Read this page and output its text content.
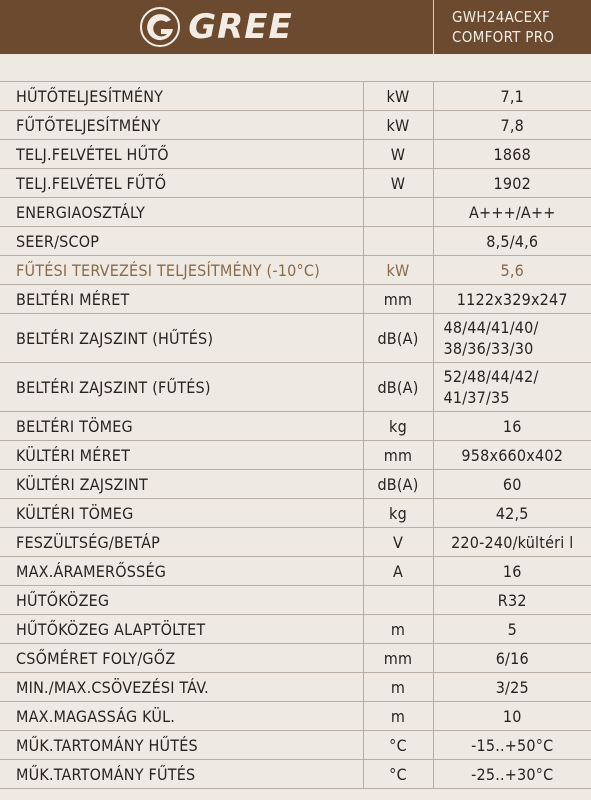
GREE	GWH24ACEXF
COMFORT PRO
HŰTŐTELJESÍTMÉNY	kW	7,1
FŰTŐTELJESÍTMÉNY	kW	7,8
TELJ.FELVÉTEL HŰTŐ	W	1868
TELJ.FELVÉTEL FŰTŐ	W	1902
ENERGIAOSZTÁLY		A+++/A++
SEER/SCOP		8,5/4,6
FŰTÉSI TERVEZÉSI TELJESÍTMÉNY (-10°C)	kW	5,6
BELTÉRI MÉRET	mm	1122x329x247
BELTÉRI ZAJSZINT (HŰTÉS)	dB(A)	48/44/41/40/ 38/36/33/30
BELTÉRI ZAJSZINT (FŰTÉS)	dB(A)	52/48/44/42/ 41/37/35
BELTÉRI TÖMEG	kg	16
KÜLTÉRI MÉRET	mm	958x660x402
KÜLTÉRI ZAJSZINT	dB(A)	60
KÜLTÉRI TÖMEG	kg	42,5
FESZÜLTSÉG/BETÁP	V	220-240/kültéri l
MAX.ÁRAMERŐSSÉG	A	16
HŰTŐKÖZEG		R32
HŰTŐKÖZEG ALAPTÖLTET	m	5
CSŐMÉRET FOLY/GŐZ	mm	6/16
MIN./MAX.CSÖVEZÉSI TÁV.	m	3/25
MAX.MAGASSÁG KÜL.	m	10
MŰK.TARTOMÁNY HŰTÉS	°C	-15..+50°C
MŰK.TARTOMÁNY FŰTÉS	°C	-25..+30°C
